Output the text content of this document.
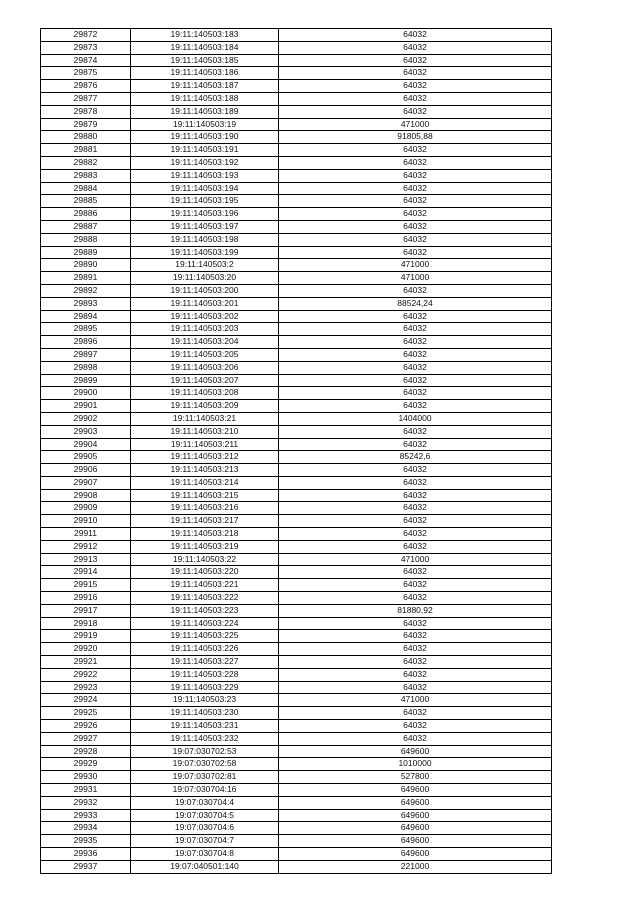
29872	19:11:140503:183	64032
29873	19:11:140503:184	64032
29874	19:11:140503:185	64032
29875	19:11:140503:186	64032
29876	19:11:140503:187	64032
29877	19:11:140503:188	64032
29878	19:11:140503:189	64032
29879	19:11:140503:19	471000
29880	19:11:140503:190	91805,88
29881	19:11:140503:191	64032
29882	19:11:140503:192	64032
29883	19:11:140503:193	64032
29884	19:11:140503:194	64032
29885	19:11:140503:195	64032
29886	19:11:140503:196	64032
29887	19:11:140503:197	64032
29888	19:11:140503:198	64032
29889	19:11:140503:199	64032
29890	19:11:140503:2	471000
29891	19:11:140503:20	471000
29892	19:11:140503:200	64032
29893	19:11:140503:201	88524,24
29894	19:11:140503:202	64032
29895	19:11:140503:203	64032
29896	19:11:140503:204	64032
29897	19:11:140503:205	64032
29898	19:11:140503:206	64032
29899	19:11:140503:207	64032
29900	19:11:140503:208	64032
29901	19:11:140503:209	64032
29902	19:11:140503:21	1404000
29903	19:11:140503:210	64032
29904	19:11:140503:211	64032
29905	19:11:140503:212	85242,6
29906	19:11:140503:213	64032
29907	19:11:140503:214	64032
29908	19:11:140503:215	64032
29909	19:11:140503:216	64032
29910	19:11:140503:217	64032
29911	19:11:140503:218	64032
29912	19:11:140503:219	64032
29913	19:11:140503:22	471000
29914	19:11:140503:220	64032
29915	19:11:140503:221	64032
29916	19:11:140503:222	64032
29917	19:11:140503:223	81880,92
29918	19:11:140503:224	64032
29919	19:11:140503:225	64032
29920	19:11:140503:226	64032
29921	19:11:140503:227	64032
29922	19:11:140503:228	64032
29923	19:11:140503:229	64032
29924	19:11:140503:23	471000
29925	19:11:140503:230	64032
29926	19:11:140503:231	64032
29927	19:11:140503:232	64032
29928	19:07:030702:53	649600
29929	19:07:030702:58	1010000
29930	19:07:030702:81	527800
29931	19:07:030704:16	649600
29932	19:07:030704:4	649600
29933	19:07:030704:5	649600
29934	19:07:030704:6	649600
29935	19:07:030704:7	649600
29936	19:07:030704:8	649600
29937	19:07:040501:140	221000
